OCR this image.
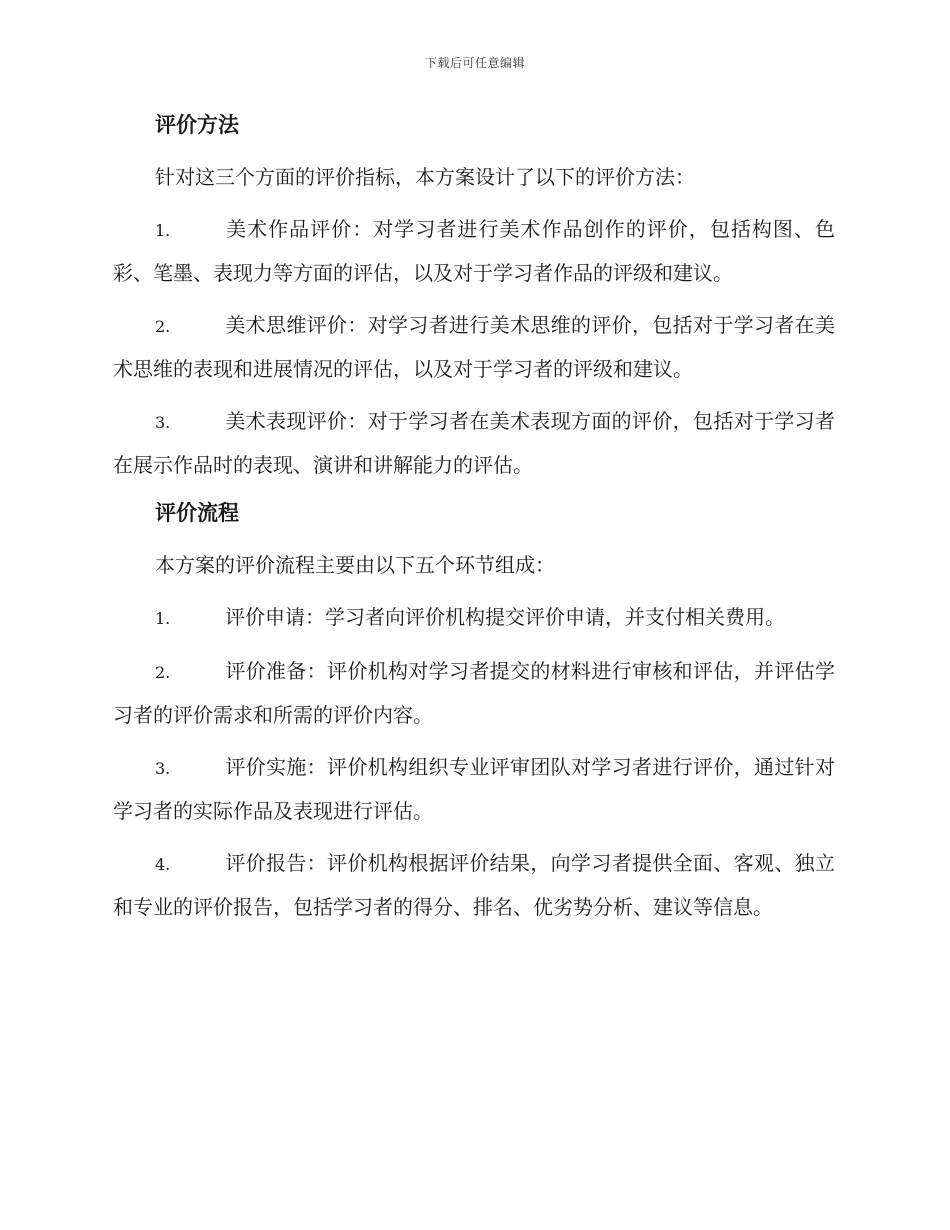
下载后可任意编辑
评价方法

针对这三个方面的评价指标，本方案设计了以下的评价方法：

1.	美术作品评价：对学习者进行美术作品创作的评价，包括构图、色彩、笔墨、表现力等方面的评估，以及对于学习者作品的评级和建议。

2.	美术思维评价：对学习者进行美术思维的评价，包括对于学习者在美术思维的表现和进展情况的评估，以及对于学习者的评级和建议。

3.	美术表现评价：对于学习者在美术表现方面的评价，包括对于学习者在展示作品时的表现、演讲和讲解能力的评估。

评价流程

本方案的评价流程主要由以下五个环节组成：

1.	评价申请：学习者向评价机构提交评价申请，并支付相关费用。

2.	评价准备：评价机构对学习者提交的材料进行审核和评估，并评估学习者的评价需求和所需的评价内容。

3.	评价实施：评价机构组织专业评审团队对学习者进行评价，通过针对学习者的实际作品及表现进行评估。

4.	评价报告：评价机构根据评价结果，向学习者提供全面、客观、独立和专业的评价报告，包括学习者的得分、排名、优劣势分析、建议等信息。
